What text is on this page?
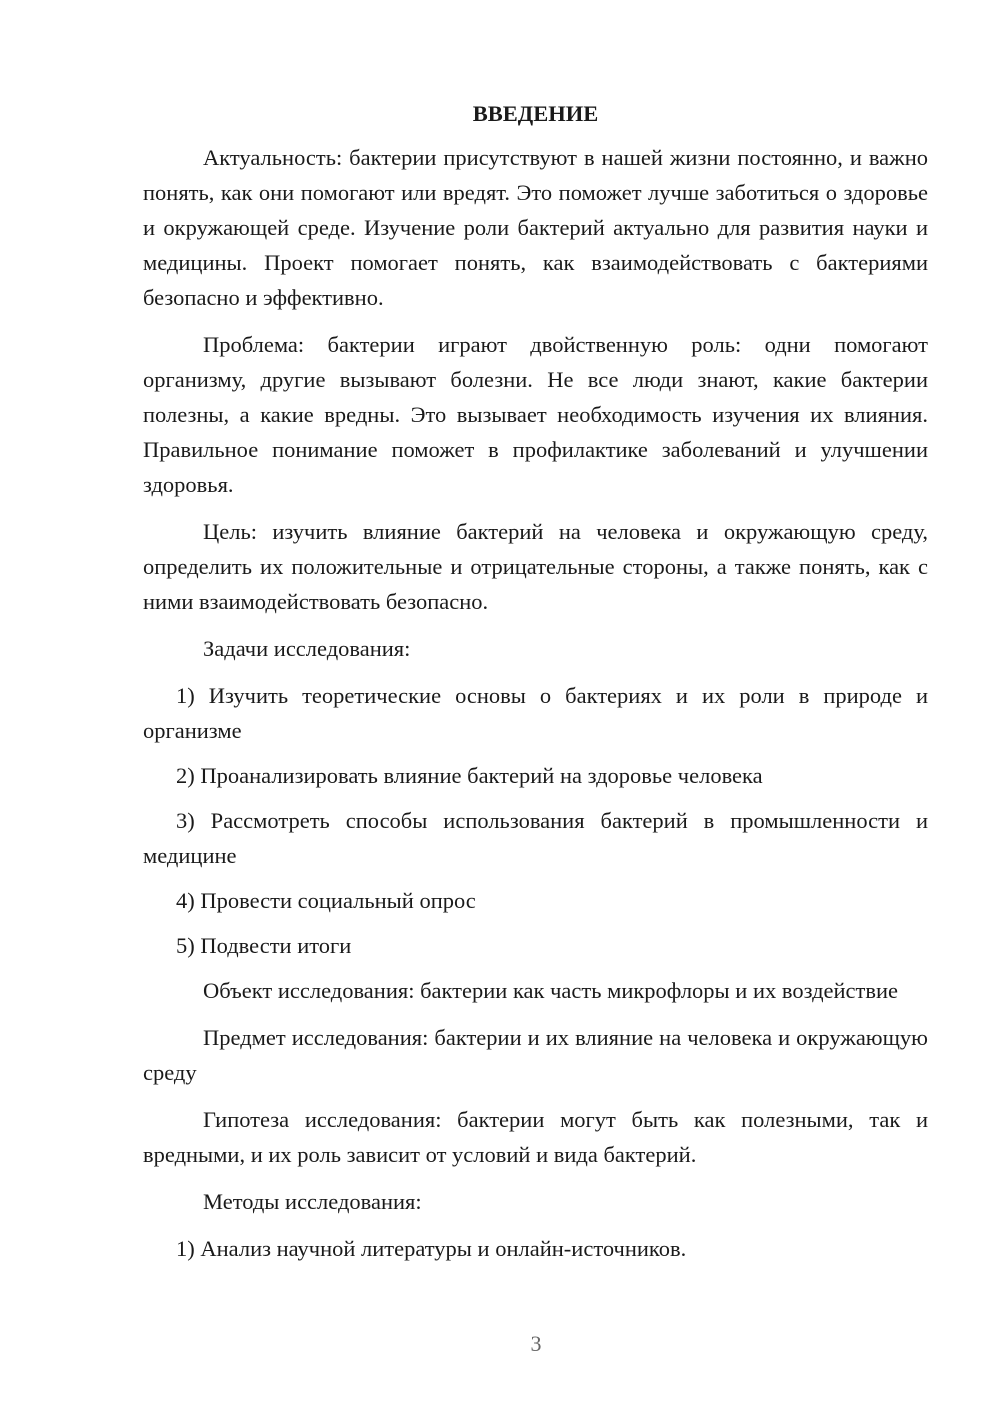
ВВЕДЕНИЕ

Актуальность: бактерии присутствуют в нашей жизни постоянно, и важно понять, как они помогают или вредят. Это поможет лучше заботиться о здоровье и окружающей среде. Изучение роли бактерий актуально для развития науки и медицины. Проект помогает понять, как взаимодействовать с бактериями безопасно и эффективно.

Проблема: бактерии играют двойственную роль: одни помогают организму, другие вызывают болезни. Не все люди знают, какие бактерии полезны, а какие вредны. Это вызывает необходимость изучения их влияния. Правильное понимание поможет в профилактике заболеваний и улучшении здоровья.

Цель: изучить влияние бактерий на человека и окружающую среду, определить их положительные и отрицательные стороны, а также понять, как с ними взаимодействовать безопасно.

Задачи исследования:

1) Изучить теоретические основы о бактериях и их роли в природе и организме

2) Проанализировать влияние бактерий на здоровье человека

3) Рассмотреть способы использования бактерий в промышленности и медицине

4) Провести социальный опрос

5) Подвести итоги

Объект исследования: бактерии как часть микрофлоры и их воздействие

Предмет исследования: бактерии и их влияние на человека и окружающую среду

Гипотеза исследования: бактерии могут быть как полезными, так и вредными, и их роль зависит от условий и вида бактерий.

Методы исследования:

1) Анализ научной литературы и онлайн-источников.

3
